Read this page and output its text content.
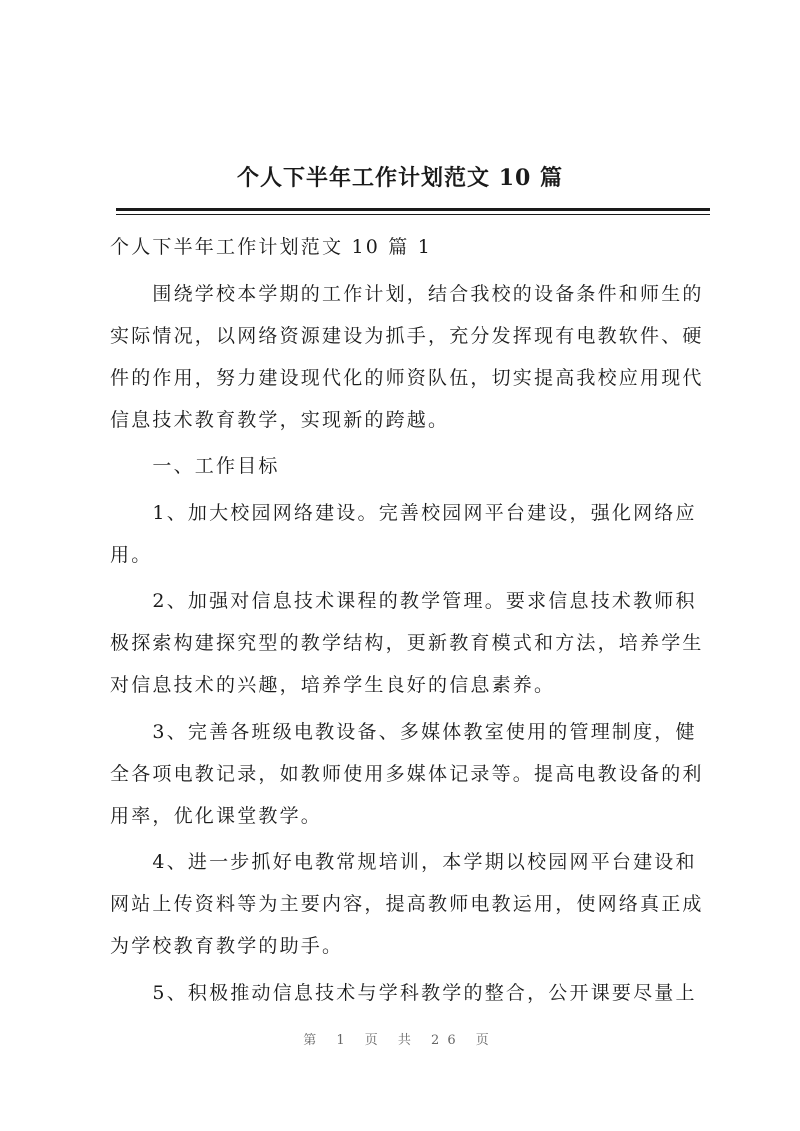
个人下半年工作计划范文 10 篇
个人下半年工作计划范文 10 篇 1
　　围绕学校本学期的工作计划，结合我校的设备条件和师生的
实际情况，以网络资源建设为抓手，充分发挥现有电教软件、硬
件的作用，努力建设现代化的师资队伍，切实提高我校应用现代
信息技术教育教学，实现新的跨越。
　　一、工作目标
　　1、加大校园网络建设。完善校园网平台建设，强化网络应
用。
　　2、加强对信息技术课程的教学管理。要求信息技术教师积
极探索构建探究型的教学结构，更新教育模式和方法，培养学生
对信息技术的兴趣，培养学生良好的信息素养。
　　3、完善各班级电教设备、多媒体教室使用的管理制度，健
全各项电教记录，如教师使用多媒体记录等。提高电教设备的利
用率，优化课堂教学。
　　4、进一步抓好电教常规培训，本学期以校园网平台建设和
网站上传资料等为主要内容，提高教师电教运用，使网络真正成
为学校教育教学的助手。
　　5、积极推动信息技术与学科教学的整合，公开课要尽量上
第 1 页 共 26 页
